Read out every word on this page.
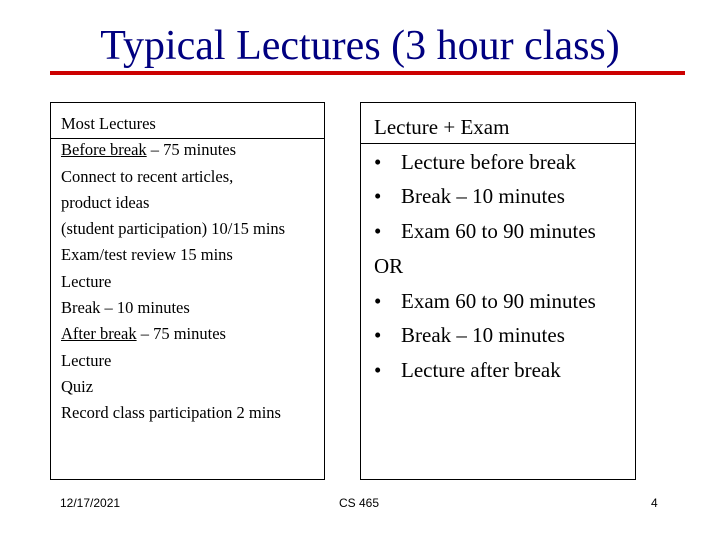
Typical Lectures (3 hour class)
Most Lectures
Before break – 75 minutes
Connect to recent articles,
product ideas
(student participation) 10/15 mins
Exam/test review 15 mins
Lecture
Break – 10 minutes
After break – 75 minutes
Lecture
Quiz
Record class participation 2 mins
Lecture + Exam
• Lecture before break
• Break – 10 minutes
• Exam 60 to 90 minutes
OR
• Exam 60 to 90 minutes
• Break – 10 minutes
• Lecture after break
12/17/2021	CS 465	4
